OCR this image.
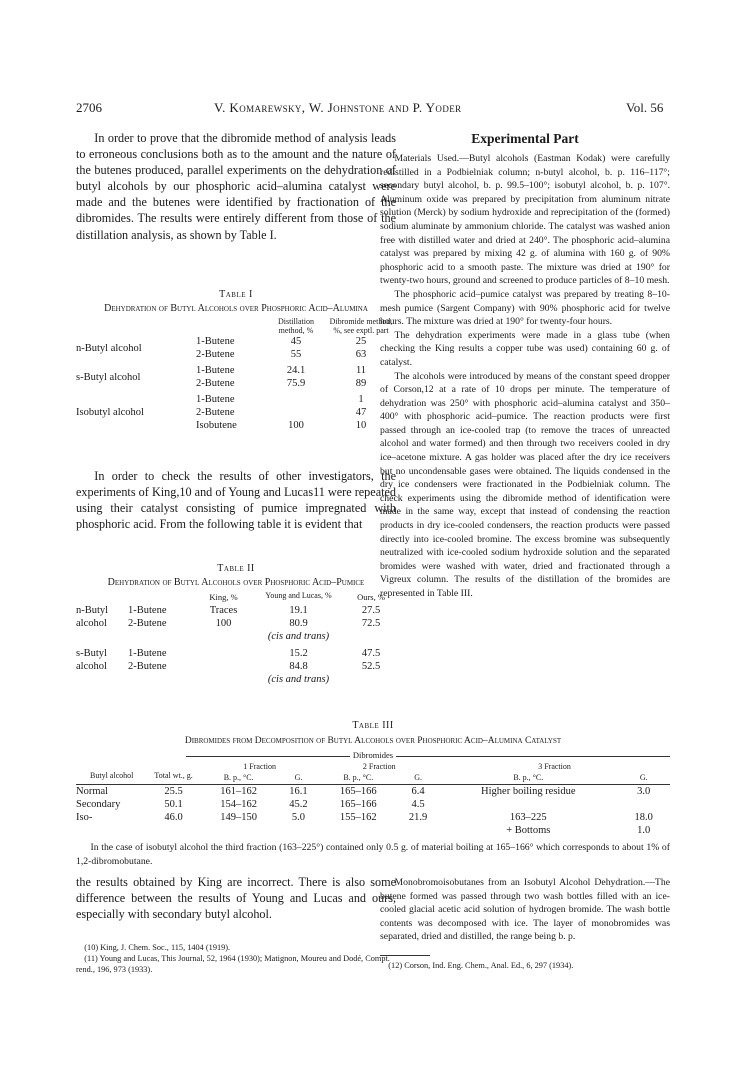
2706	V. Komarewsky, W. Johnstone and P. Yoder	Vol. 56

In order to prove that the dibromide method of analysis leads to erroneous conclusions both as to the amount and the nature of the butenes produced, parallel experiments on the dehydration of butyl alcohols by our phosphoric acid–alumina catalyst were made and the butenes were identified by fractionation of the dibromides. The results were entirely different from those of the distillation analysis, as shown by Table I.

Table I
Dehydration of Butyl Alcohols over Phosphoric Acid–Alumina
		Distillation method, %	Dibromide method, %, see exptl. part
n-Butyl alcohol	1-Butene	45	25
	2-Butene	55	63
s-Butyl alcohol	1-Butene	24.1	11
	2-Butene	75.9	89
Isobutyl alcohol	1-Butene		1
	2-Butene		47
	Isobutene	100	10

In order to check the results of other investigators, the experiments of King,10 and of Young and Lucas11 were repeated using their catalyst consisting of pumice impregnated with phosphoric acid. From the following table it is evident that

Table II
Dehydration of Butyl Alcohols over Phosphoric Acid–Pumice
		King, %	Young and Lucas, %	Ours, %
n-Butyl	1-Butene	Traces	19.1	27.5
alcohol	2-Butene	100	80.9	72.5
			(cis and trans)	
s-Butyl	1-Butene		15.2	47.5
alcohol	2-Butene		84.8	52.5
			(cis and trans)	
Experimental Part

Materials Used.—Butyl alcohols (Eastman Kodak) were carefully redistilled in a Podbielniak column; n-butyl alcohol, b. p. 116–117°; secondary butyl alcohol, b. p. 99.5–100°; isobutyl alcohol, b. p. 107°. Aluminum oxide was prepared by precipitation from aluminum nitrate solution (Merck) by sodium hydroxide and reprecipitation of the (formed) sodium aluminate by ammonium chloride. The catalyst was washed anion free with distilled water and dried at 240°. The phosphoric acid–alumina catalyst was prepared by mixing 42 g. of alumina with 160 g. of 90% phosphoric acid to a smooth paste. The mixture was dried at 190° for twenty-two hours, ground and screened to produce particles of 8–10 mesh.

The phosphoric acid–pumice catalyst was prepared by treating 8–10-mesh pumice (Sargent Company) with 90% phosphoric acid for twelve hours. The mixture was dried at 190° for twenty-four hours.

The dehydration experiments were made in a glass tube (when checking the King results a copper tube was used) containing 60 g. of catalyst.

The alcohols were introduced by means of the constant speed dropper of Corson,12 at a rate of 10 drops per minute. The temperature of dehydration was 250° with phosphoric acid–alumina catalyst and 350–400° with phosphoric acid–pumice. The reaction products were first passed through an ice-cooled trap (to remove the traces of unreacted alcohol and water formed) and then through two receivers cooled in dry ice–acetone mixture. A gas holder was placed after the dry ice receivers but no uncondensable gases were obtained. The liquids condensed in the dry ice condensers were fractionated in the Podbielniak column. The check experiments using the dibromide method of identification were made in the same way, except that instead of condensing the reaction products in dry ice-cooled condensers, the reaction products were passed directly into ice-cooled bromine. The excess bromine was subsequently neutralized with ice-cooled sodium hydroxide solution and the separated bromides were washed with water, dried and fractionated through a Vigreux column. The results of the distillation of the bromides are represented in Table III.

Table III
Dibromides from Decomposition of Butyl Alcohols over Phosphoric Acid–Alumina Catalyst
Dibromides
		1 Fraction		2 Fraction		3 Fraction	
Butyl alcohol	Total wt., g.	B. p., °C.	G.	B. p., °C.	G.	B. p., °C.	G.
Normal	25.5	161–162	16.1	165–166	6.4	Higher boiling residue	3.0
Secondary	50.1	154–162	45.2	165–166	4.5		
Iso-	46.0	149–150	5.0	155–162	21.9	163–225	18.0
						+ Bottoms	1.0
In the case of isobutyl alcohol the third fraction (163–225°) contained only 0.5 g. of material boiling at 165–166° which corresponds to about 1% of 1,2-dibromobutane.
the results obtained by King are incorrect. There is also some difference between the results of Young and Lucas and ours, especially with secondary butyl alcohol.

(10) King, J. Chem. Soc., 115, 1404 (1919).

(11) Young and Lucas, This Journal, 52, 1964 (1930); Matignon, Moureu and Dodé, Compt. rend., 196, 973 (1933).

Monobromoisobutanes from an Isobutyl Alcohol Dehydration.—The butene formed was passed through two wash bottles filled with an ice-cooled glacial acetic acid solution of hydrogen bromide. The wash bottle contents was decomposed with ice. The layer of monobromides was separated, dried and distilled, the range being b. p.

(12) Corson, Ind. Eng. Chem., Anal. Ed., 6, 297 (1934).
